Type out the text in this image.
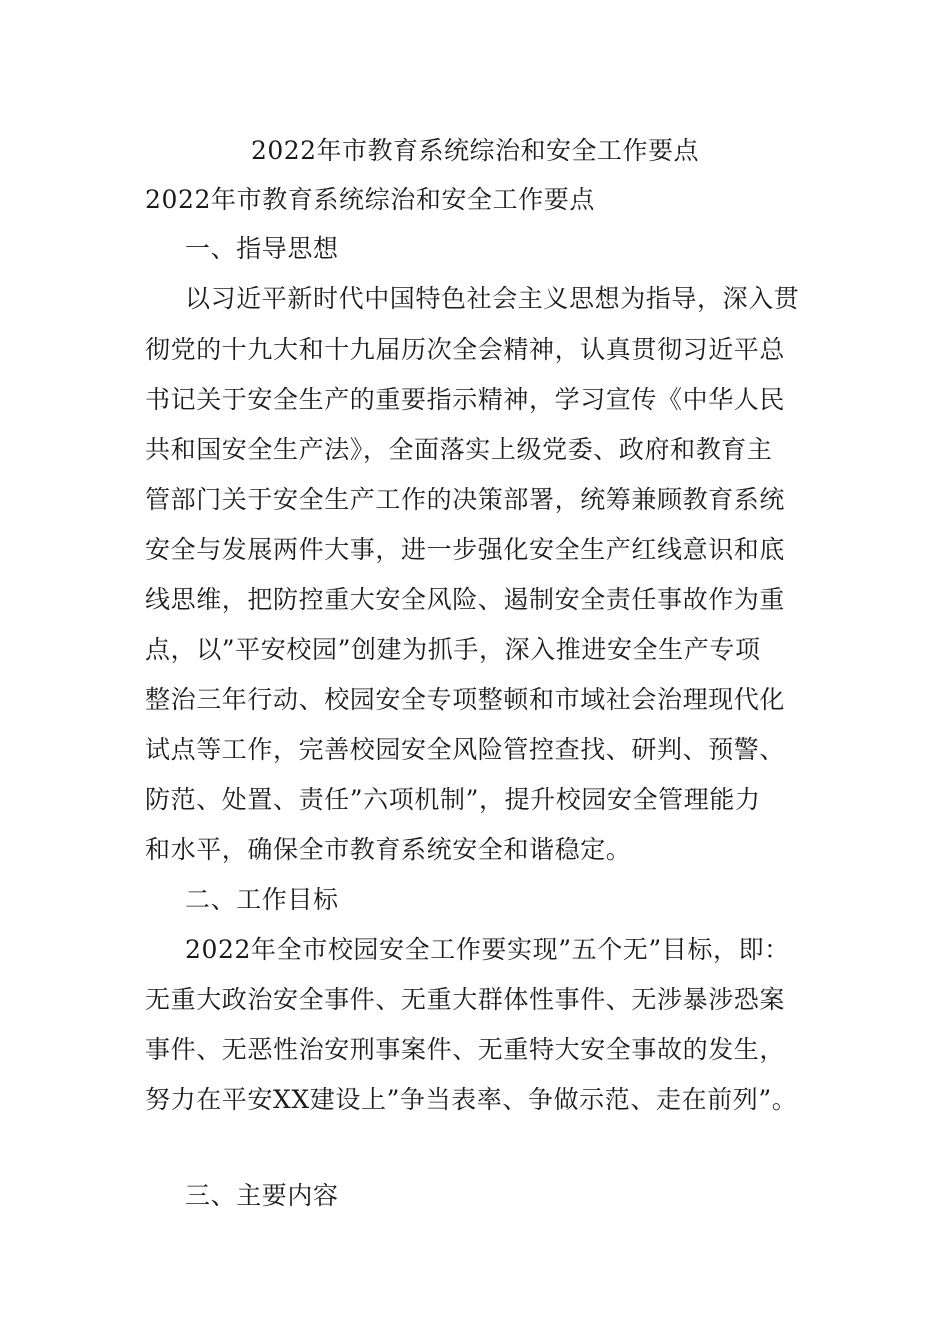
2022年市教育系统综治和安全工作要点
2022年市教育系统综治和安全工作要点
一、指导思想
以习近平新时代中国特色社会主义思想为指导，深入贯
彻党的十九大和十九届历次全会精神，认真贯彻习近平总
书记关于安全生产的重要指示精神，学习宣传《中华人民
共和国安全生产法》，全面落实上级党委、政府和教育主
管部门关于安全生产工作的决策部署，统筹兼顾教育系统
安全与发展两件大事，进一步强化安全生产红线意识和底
线思维，把防控重大安全风险、遏制安全责任事故作为重
点，以”平安校园”创建为抓手，深入推进安全生产专项
整治三年行动、校园安全专项整顿和市域社会治理现代化
试点等工作，完善校园安全风险管控查找、研判、预警、
防范、处置、责任”六项机制”，提升校园安全管理能力
和水平，确保全市教育系统安全和谐稳定。
二、工作目标
2022年全市校园安全工作要实现”五个无”目标，即：
无重大政治安全事件、无重大群体性事件、无涉暴涉恐案
事件、无恶性治安刑事案件、无重特大安全事故的发生，
努力在平安XX建设上”争当表率、争做示范、走在前列”。
三、主要内容
